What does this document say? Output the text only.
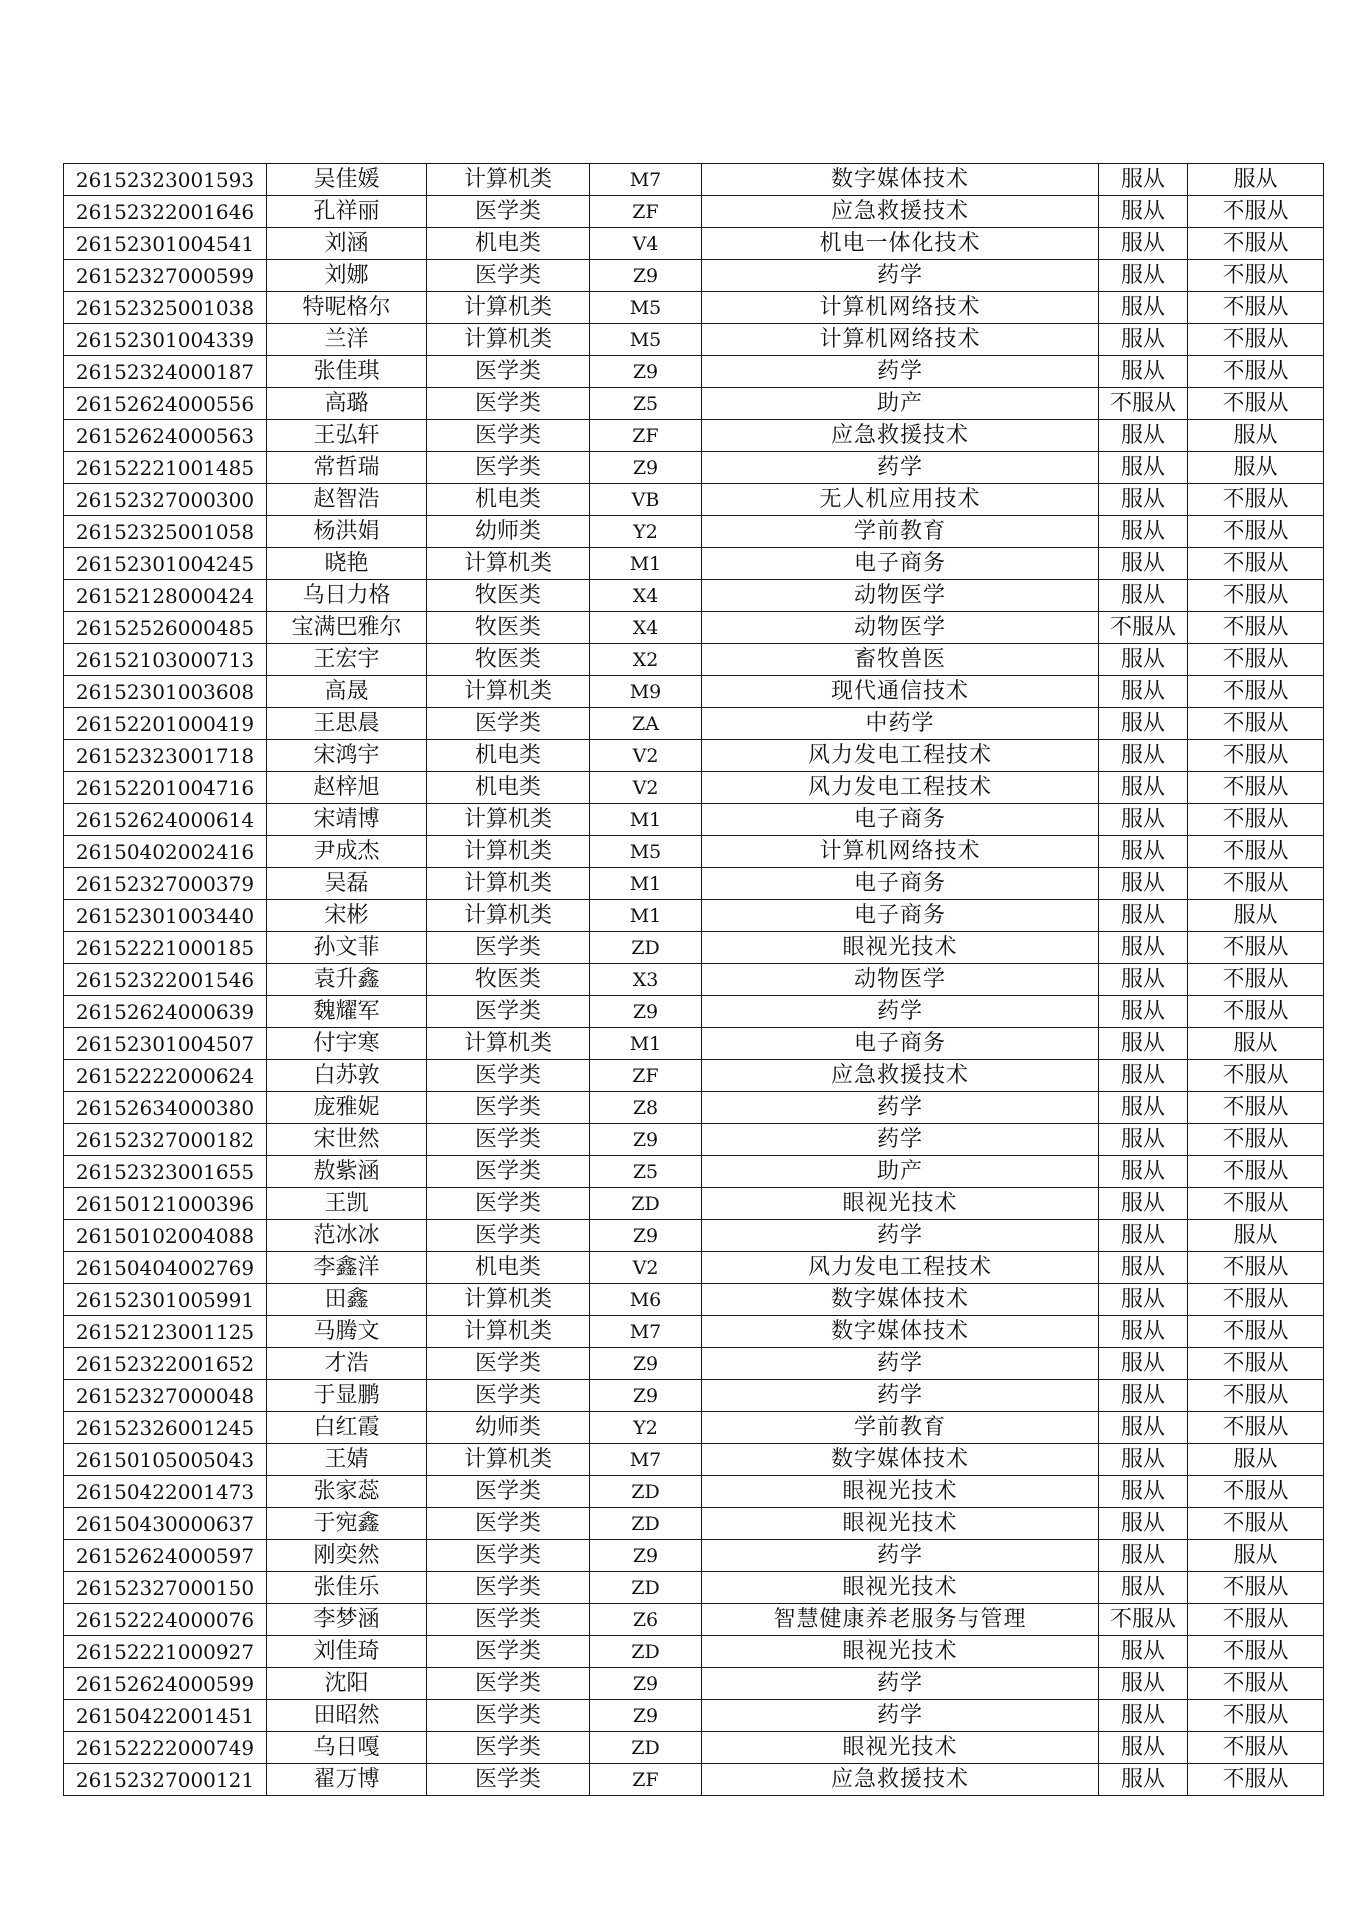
26152323001593	吴佳媛	计算机类	M7	数字媒体技术	服从	服从
26152322001646	孔祥丽	医学类	ZF	应急救援技术	服从	不服从
26152301004541	刘涵	机电类	V4	机电一体化技术	服从	不服从
26152327000599	刘娜	医学类	Z9	药学	服从	不服从
26152325001038	特呢格尔	计算机类	M5	计算机网络技术	服从	不服从
26152301004339	兰洋	计算机类	M5	计算机网络技术	服从	不服从
26152324000187	张佳琪	医学类	Z9	药学	服从	不服从
26152624000556	高璐	医学类	Z5	助产	不服从	不服从
26152624000563	王弘轩	医学类	ZF	应急救援技术	服从	服从
26152221001485	常哲瑞	医学类	Z9	药学	服从	服从
26152327000300	赵智浩	机电类	VB	无人机应用技术	服从	不服从
26152325001058	杨洪娟	幼师类	Y2	学前教育	服从	不服从
26152301004245	晓艳	计算机类	M1	电子商务	服从	不服从
26152128000424	乌日力格	牧医类	X4	动物医学	服从	不服从
26152526000485	宝满巴雅尔	牧医类	X4	动物医学	不服从	不服从
26152103000713	王宏宇	牧医类	X2	畜牧兽医	服从	不服从
26152301003608	高晟	计算机类	M9	现代通信技术	服从	不服从
26152201000419	王思晨	医学类	ZA	中药学	服从	不服从
26152323001718	宋鸿宇	机电类	V2	风力发电工程技术	服从	不服从
26152201004716	赵梓旭	机电类	V2	风力发电工程技术	服从	不服从
26152624000614	宋靖博	计算机类	M1	电子商务	服从	不服从
26150402002416	尹成杰	计算机类	M5	计算机网络技术	服从	不服从
26152327000379	吴磊	计算机类	M1	电子商务	服从	不服从
26152301003440	宋彬	计算机类	M1	电子商务	服从	服从
26152221000185	孙文菲	医学类	ZD	眼视光技术	服从	不服从
26152322001546	袁升鑫	牧医类	X3	动物医学	服从	不服从
26152624000639	魏耀军	医学类	Z9	药学	服从	不服从
26152301004507	付宇寒	计算机类	M1	电子商务	服从	服从
26152222000624	白苏敦	医学类	ZF	应急救援技术	服从	不服从
26152634000380	庞雅妮	医学类	Z8	药学	服从	不服从
26152327000182	宋世然	医学类	Z9	药学	服从	不服从
26152323001655	敖紫涵	医学类	Z5	助产	服从	不服从
26150121000396	王凯	医学类	ZD	眼视光技术	服从	不服从
26150102004088	范冰冰	医学类	Z9	药学	服从	服从
26150404002769	李鑫洋	机电类	V2	风力发电工程技术	服从	不服从
26152301005991	田鑫	计算机类	M6	数字媒体技术	服从	不服从
26152123001125	马腾文	计算机类	M7	数字媒体技术	服从	不服从
26152322001652	才浩	医学类	Z9	药学	服从	不服从
26152327000048	于显鹏	医学类	Z9	药学	服从	不服从
26152326001245	白红霞	幼师类	Y2	学前教育	服从	不服从
26150105005043	王婧	计算机类	M7	数字媒体技术	服从	服从
26150422001473	张家蕊	医学类	ZD	眼视光技术	服从	不服从
26150430000637	于宛鑫	医学类	ZD	眼视光技术	服从	不服从
26152624000597	刚奕然	医学类	Z9	药学	服从	服从
26152327000150	张佳乐	医学类	ZD	眼视光技术	服从	不服从
26152224000076	李梦涵	医学类	Z6	智慧健康养老服务与管理	不服从	不服从
26152221000927	刘佳琦	医学类	ZD	眼视光技术	服从	不服从
26152624000599	沈阳	医学类	Z9	药学	服从	不服从
26150422001451	田昭然	医学类	Z9	药学	服从	不服从
26152222000749	乌日嘎	医学类	ZD	眼视光技术	服从	不服从
26152327000121	翟万博	医学类	ZF	应急救援技术	服从	不服从
